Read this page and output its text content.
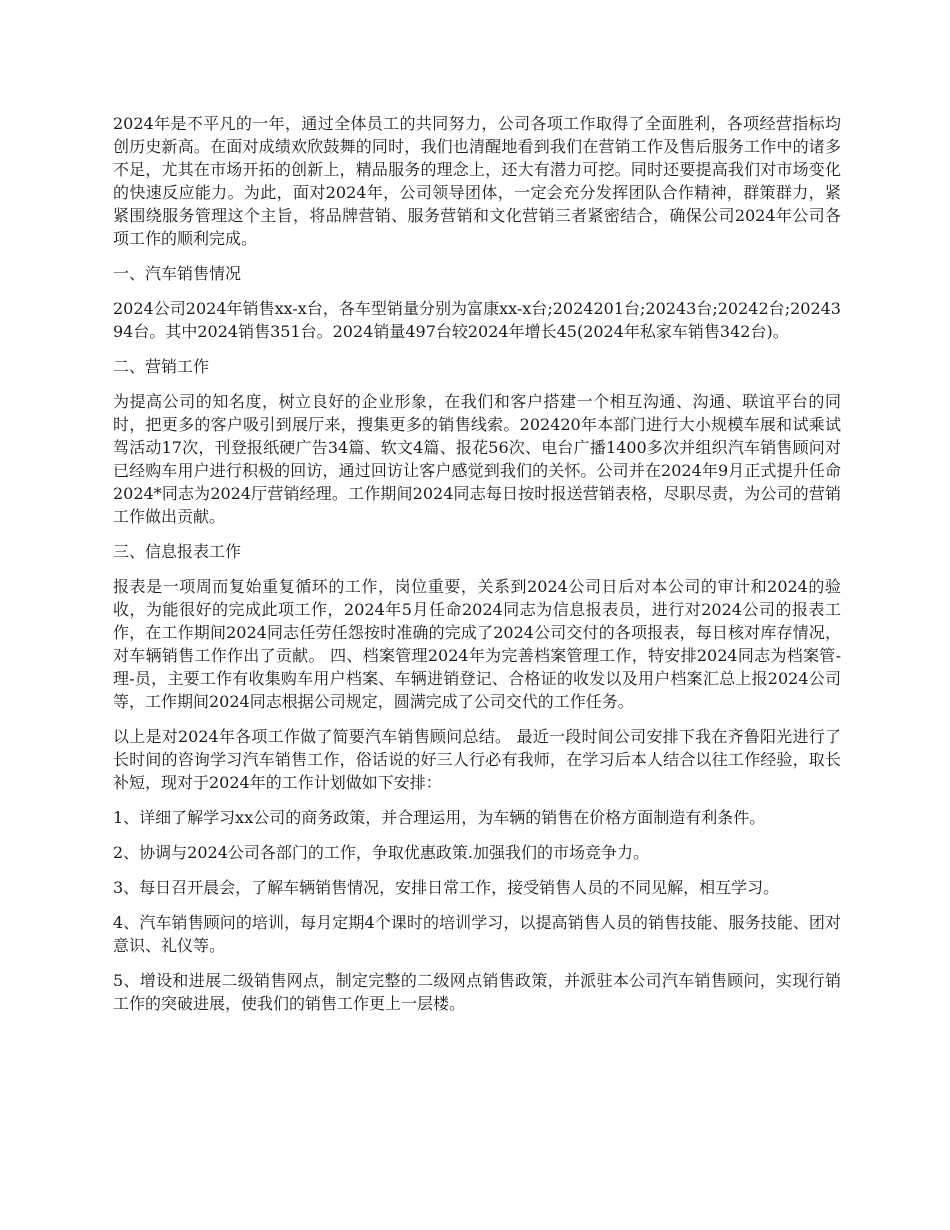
2024年是不平凡的一年，通过全体员工的共同努力，公司各项工作取得了全面胜利，各项经营指标均创历史新高。在面对成绩欢欣鼓舞的同时，我们也清醒地看到我们在营销工作及售后服务工作中的诸多不足，尤其在市场开拓的创新上，精品服务的理念上，还大有潜力可挖。同时还要提高我们对市场变化的快速反应能力。为此，面对2024年，公司领导团体，一定会充分发挥团队合作精神，群策群力，紧紧围绕服务管理这个主旨，将品牌营销、服务营销和文化营销三者紧密结合，确保公司2024年公司各项工作的顺利完成。

一、汽车销售情况

2024公司2024年销售xx-x台，各车型销量分别为富康xx-x台;2024201台;20243台;20242台;2024394台。其中2024销售351台。2024销量497台较2024年增长45(2024年私家车销售342台)。

二、营销工作

为提高公司的知名度，树立良好的企业形象，在我们和客户搭建一个相互沟通、沟通、联谊平台的同时，把更多的客户吸引到展厅来，搜集更多的销售线索。202420年本部门进行大小规模车展和试乘试驾活动17次，刊登报纸硬广告34篇、软文4篇、报花56次、电台广播1400多次并组织汽车销售顾问对已经购车用户进行积极的回访，通过回访让客户感觉到我们的关怀。公司并在2024年9月正式提升任命2024*同志为2024厅营销经理。工作期间2024同志每日按时报送营销表格，尽职尽责，为公司的营销工作做出贡献。

三、信息报表工作

报表是一项周而复始重复循环的工作，岗位重要，关系到2024公司日后对本公司的审计和2024的验收，为能很好的完成此项工作，2024年5月任命2024同志为信息报表员，进行对2024公司的报表工作，在工作期间2024同志任劳任怨按时准确的完成了2024公司交付的各项报表，每日核对库存情况，对车辆销售工作作出了贡献。 四、档案管理2024年为完善档案管理工作，特安排2024同志为档案管-理-员，主要工作有收集购车用户档案、车辆进销登记、合格证的收发以及用户档案汇总上报2024公司等，工作期间2024同志根据公司规定，圆满完成了公司交代的工作任务。

以上是对2024年各项工作做了简要汽车销售顾问总结。 最近一段时间公司安排下我在齐鲁阳光进行了长时间的咨询学习汽车销售工作，俗话说的好三人行必有我师，在学习后本人结合以往工作经验，取长补短，现对于2024年的工作计划做如下安排：

1、详细了解学习xx公司的商务政策，并合理运用，为车辆的销售在价格方面制造有利条件。

2、协调与2024公司各部门的工作，争取优惠政策.加强我们的市场竞争力。

3、每日召开晨会，了解车辆销售情况，安排日常工作，接受销售人员的不同见解，相互学习。

4、汽车销售顾问的培训，每月定期4个课时的培训学习，以提高销售人员的销售技能、服务技能、团对意识、礼仪等。

5、增设和进展二级销售网点，制定完整的二级网点销售政策，并派驻本公司汽车销售顾问，实现行销工作的突破进展，使我们的销售工作更上一层楼。
